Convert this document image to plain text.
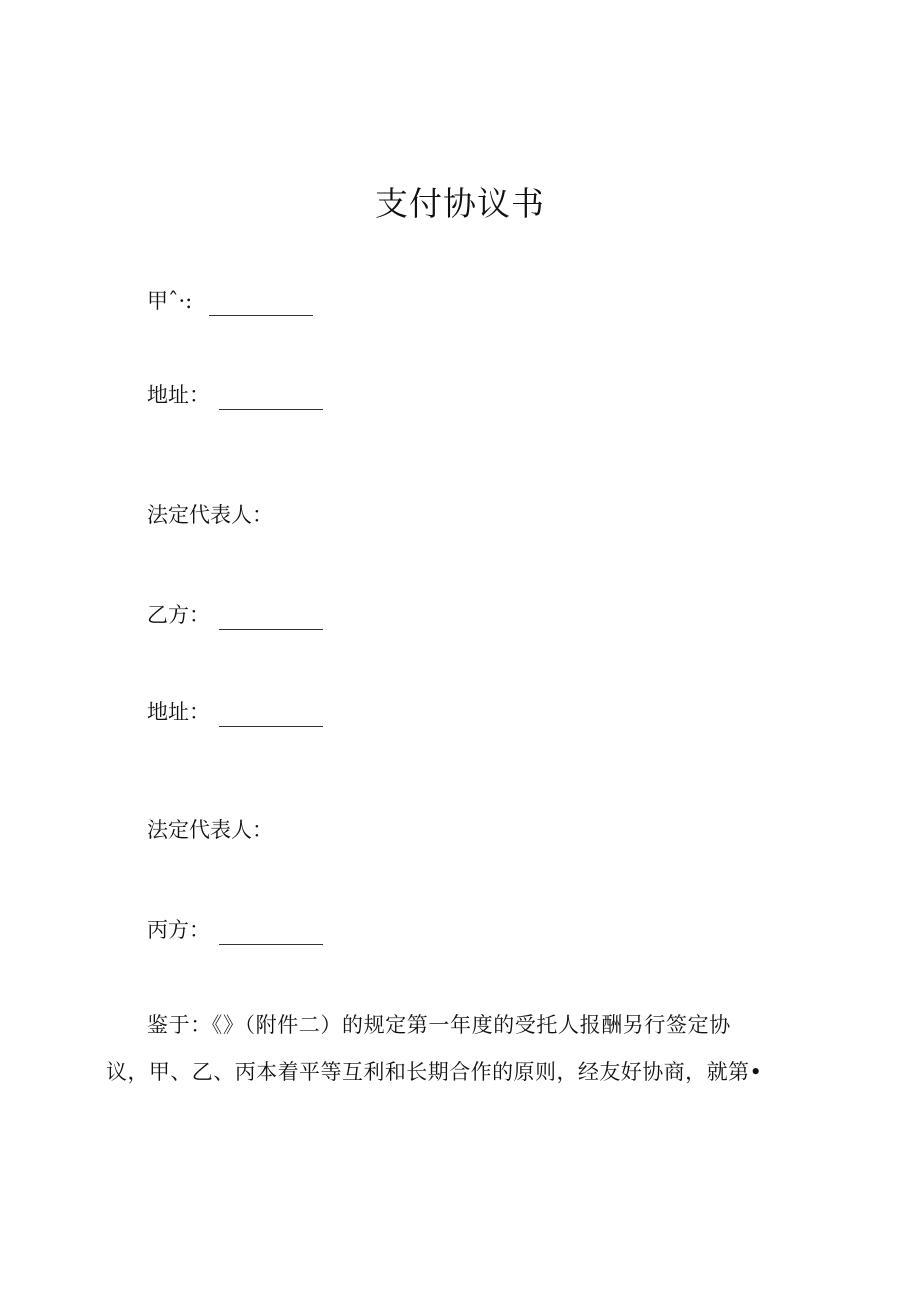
支付协议书
甲ˆ·:
地址：
法定代表人：
乙方：
地址：
法定代表人：
丙方：
鉴于：《》（附件二）的规定第一年度的受托人报酬另行签定协
议，甲、乙、丙本着平等互利和长期合作的原则，经友好协商，就第•
